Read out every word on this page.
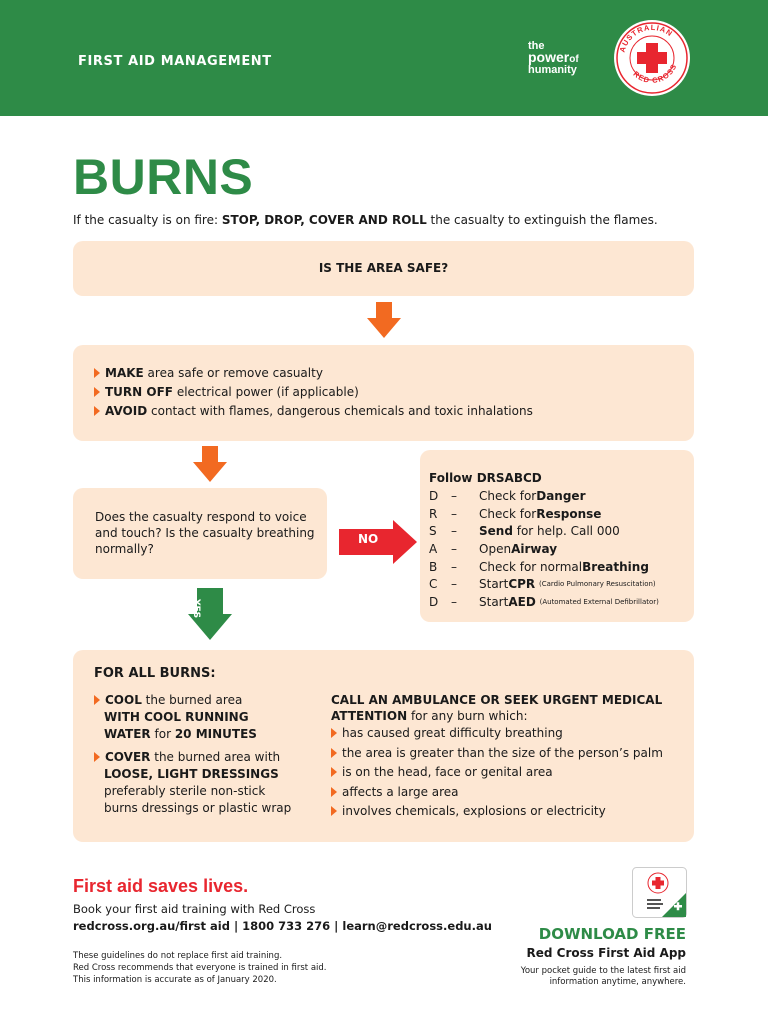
FIRST AID MANAGEMENT
the
powerof
humanity
AUSTRALIAN
RED CROSS
BURNS
If the casualty is on fire: STOP, DROP, COVER AND ROLL the casualty to extinguish the flames.
IS THE AREA SAFE?
MAKE area safe or remove casualty
TURN OFF electrical power (if applicable)
AVOID contact with flames, dangerous chemicals and toxic inhalations
Does the casualty respond to voice and touch? Is the casualty breathing normally?
NO
YES
Follow DRSABCD
D	–	Check for Danger
R	–	Check for Response
S	–	Send for help. Call 000
A	–	Open Airway
B	–	Check for normal Breathing
C	–	Start CPR
(Cardio Pulmonary Resuscitation)
D	–	Start AED
(Automated External Defibrillator)
FOR ALL BURNS:
COOL the burned area
WITH COOL RUNNING
WATER for 20 MINUTES
COVER the burned area with
LOOSE, LIGHT DRESSINGS
preferably sterile non-stick
burns dressings or plastic wrap
CALL AN AMBULANCE OR SEEK URGENT MEDICAL
ATTENTION for any burn which:
has caused great difficulty breathing
the area is greater than the size of the person’s palm
is on the head, face or genital area
affects a large area
involves chemicals, explosions or electricity
First aid saves lives.
Book your first aid training with Red Cross
redcross.org.au/first aid | 1800 733 276 | learn@redcross.edu.au
These guidelines do not replace first aid training.
Red Cross recommends that everyone is trained in first aid.
This information is accurate as of January 2020.
DOWNLOAD FREE
Red Cross First Aid App
Your pocket guide to the latest first aid
information anytime, anywhere.
